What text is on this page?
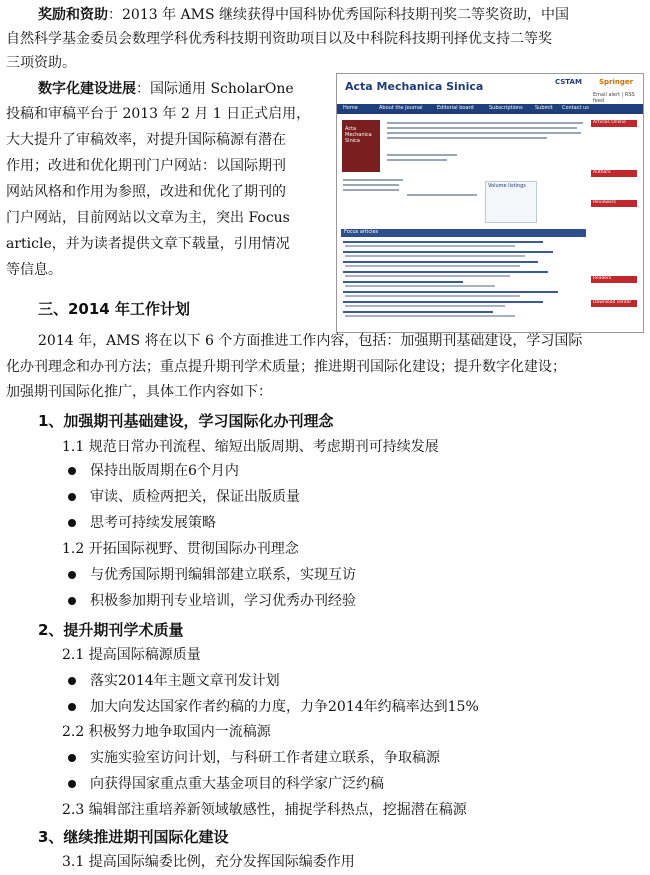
奖励和资助：2013 年 AMS 继续获得中国科协优秀国际科技期刊奖二等奖资助，中国
自然科学基金委员会数理学科优秀科技期刊资助项目以及中科院科技期刊择优支持二等奖
三项资助。
数字化建设进展：国际通用 ScholarOne
投稿和审稿平台于 2013 年 2 月 1 日正式启用，
大大提升了审稿效率，对提升国际稿源有潜在
作用；改进和优化期刊门户网站：以国际期刊
网站风格和作用为参照，改进和优化了期刊的
门户网站，目前网站以文章为主，突出 Focus
article，并为读者提供文章下载量，引用情况
等信息。
Acta Mechanica Sinica	CSTAM Springer
Email alert | RSS feed
Home	About the Journal	Editorial board	Subscriptions Submit Contact us
Acta Mechanica Sinica
Volume listings
Focus articles
Articles Online
Authors
Reviewers
Readers
Download center
三、2014 年工作计划
2014 年，AMS 将在以下 6 个方面推进工作内容，包括：加强期刊基础建设，学习国际
化办刊理念和办刊方法；重点提升期刊学术质量；推进期刊国际化建设；提升数字化建设；
加强期刊国际化推广，具体工作内容如下：
1、加强期刊基础建设，学习国际化办刊理念
1.1 规范日常办刊流程、缩短出版周期、考虑期刊可持续发展
保持出版周期在6个月内
审读、质检两把关，保证出版质量
思考可持续发展策略
1.2 开拓国际视野、贯彻国际办刊理念
与优秀国际期刊编辑部建立联系，实现互访
积极参加期刊专业培训，学习优秀办刊经验
2、提升期刊学术质量
2.1 提高国际稿源质量
落实2014年主题文章刊发计划
加大向发达国家作者约稿的力度，力争2014年约稿率达到15%
2.2 积极努力地争取国内一流稿源
实施实验室访问计划，与科研工作者建立联系，争取稿源
向获得国家重点重大基金项目的科学家广泛约稿
2.3 编辑部注重培养新领域敏感性，捕捉学科热点，挖掘潜在稿源
3、继续推进期刊国际化建设
3.1 提高国际编委比例，充分发挥国际编委作用
